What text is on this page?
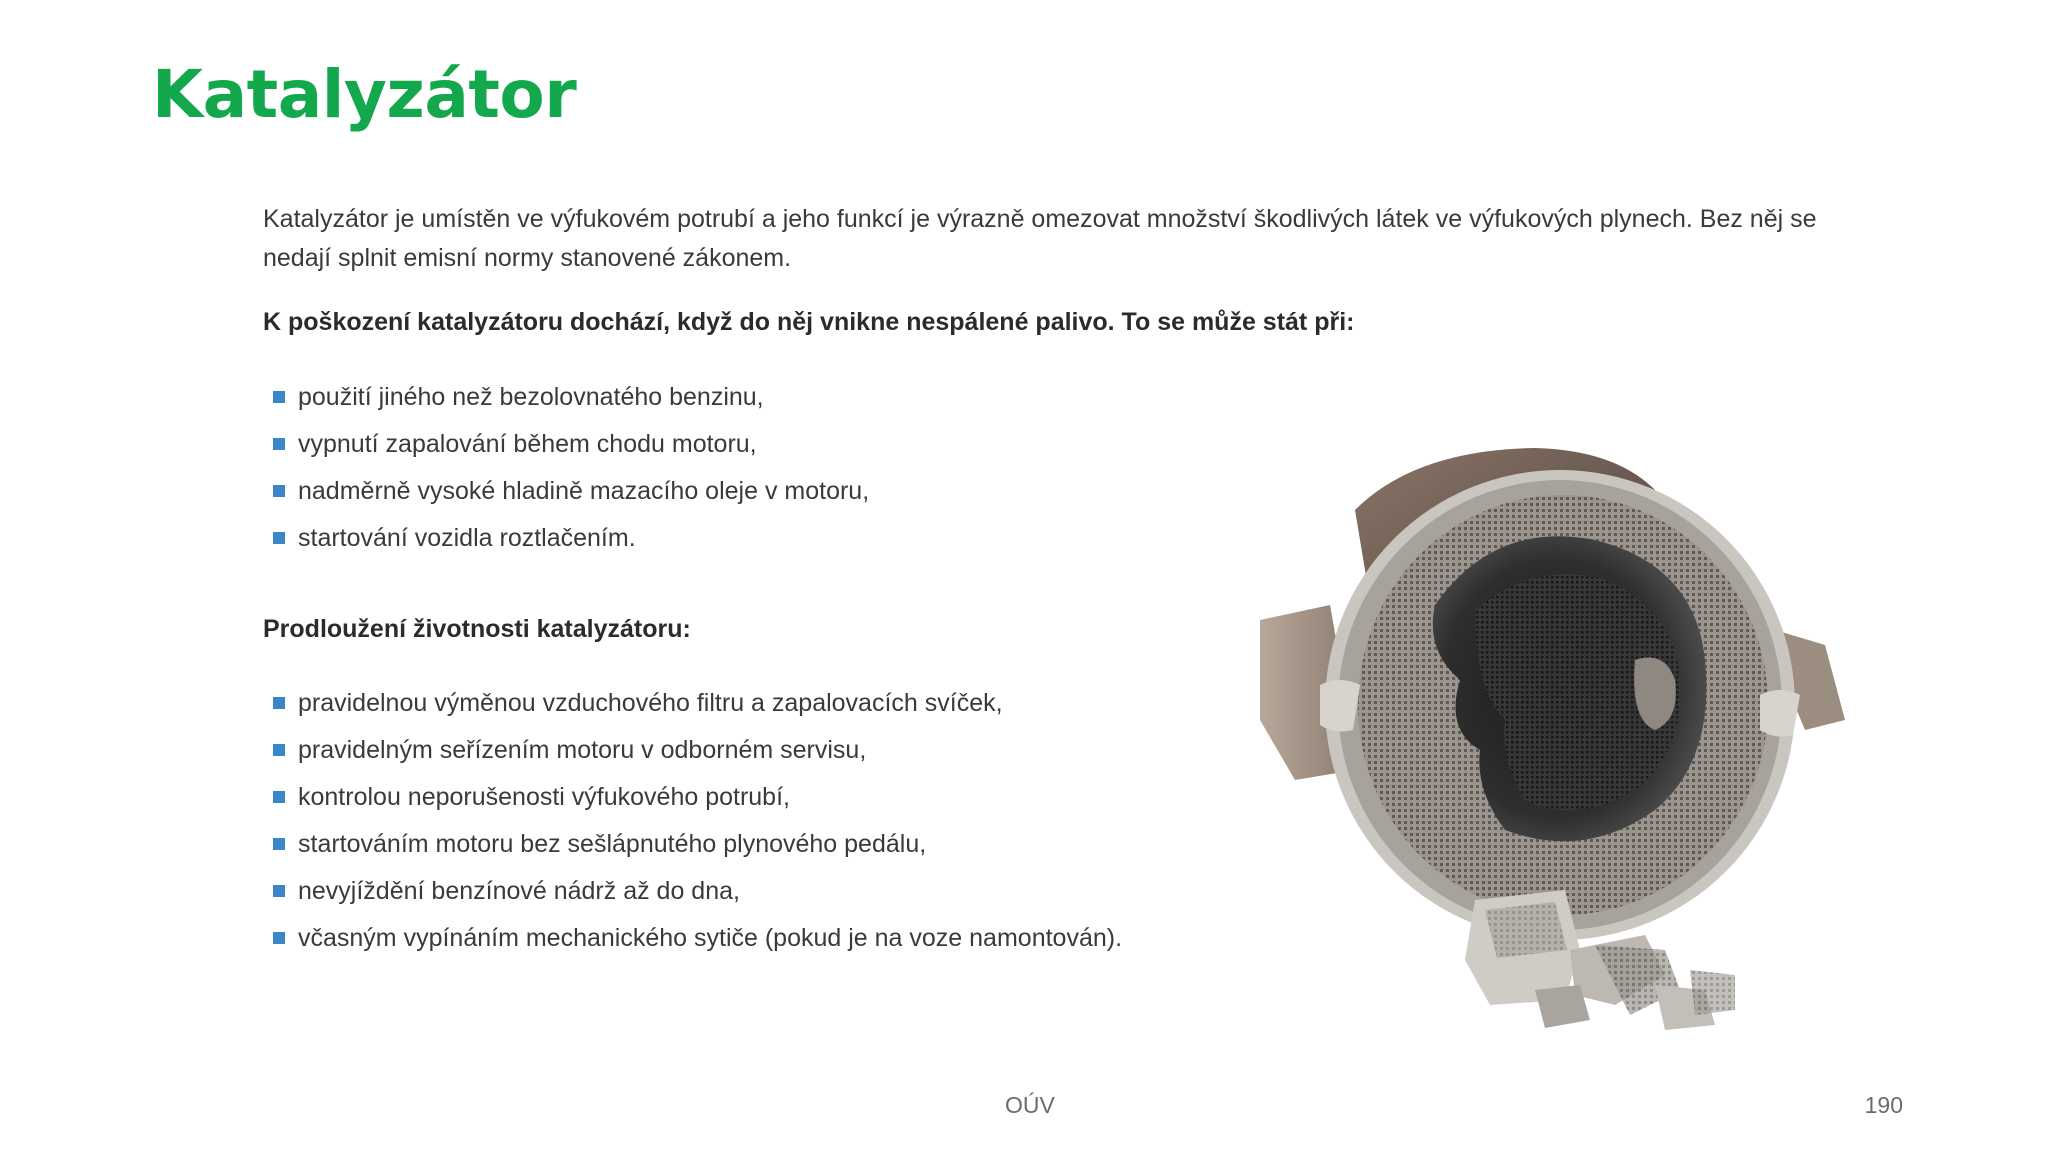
Katalyzátor

Katalyzátor je umístěn ve výfukovém potrubí a jeho funkcí je výrazně omezovat množství škodlivých látek ve výfukových plynech. Bez něj se nedají splnit emisní normy stanovené zákonem.

K poškození katalyzátoru dochází, když do něj vnikne nespálené palivo. To se může stát při:

použití jiného než bezolovnatého benzinu,
vypnutí zapalování během chodu motoru,
nadměrně vysoké hladině mazacího oleje v motoru,
startování vozidla roztlačením.

Prodloužení životnosti katalyzátoru:

pravidelnou výměnou vzduchového filtru a zapalovacích svíček,
pravidelným seřízením motoru v odborném servisu,
kontrolou neporušenosti výfukového potrubí,
startováním motoru bez sešlápnutého plynového pedálu,
nevyjíždění benzínové nádrž až do dna,
včasným vypínáním mechanického sytiče (pokud je na voze namontován).
OÚV	190
